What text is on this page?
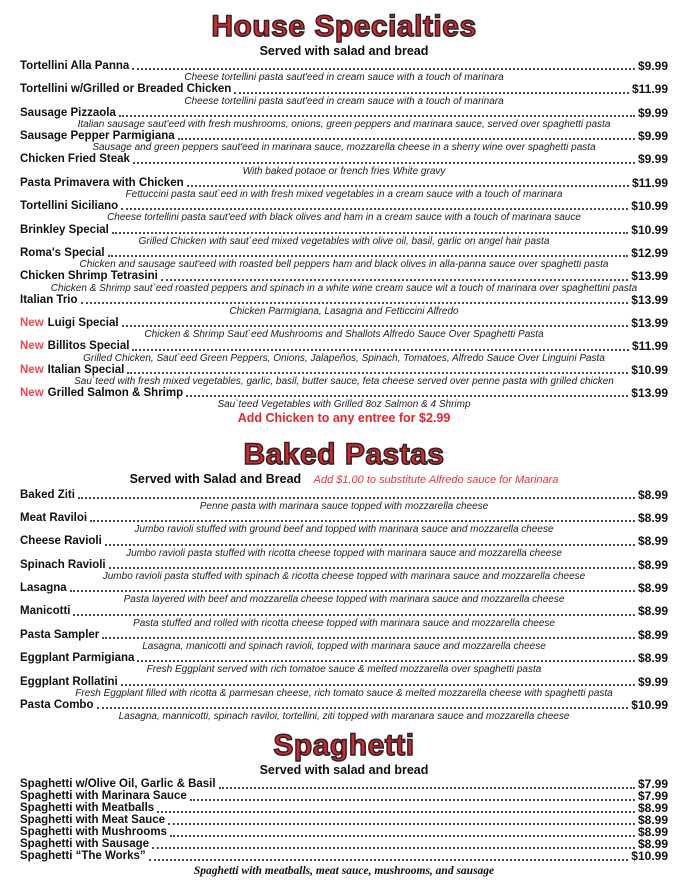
House Specialties
Served with salad and bread
Tortellini Alla Panna	$9.99
Cheese tortellini pasta saut'eed in cream sauce with a touch of marinara
Tortellini w/Grilled or Breaded Chicken	$11.99
Cheese tortellini pasta saut'eed in cream sauce with a touch of marinara
Sausage Pizzaola	$9.99
Italian sausage saut'eed with fresh mushrooms, onions, green peppers and marinara sauce, served over spaghetti pasta
Sausage Pepper Parmigiana	$9.99
Sausage and green peppers saut'eed in marinara sauce, mozzarella cheese in a sherry wine over spaghetti pasta
Chicken Fried Steak	$9.99
With baked potaoe or french fries White gravy
Pasta Primavera with Chicken	$11.99
Fettuccini pasta saut`eed in with fresh mixed vegetables in a cream sauce with a touch of marinara
Tortellini Siciliano	$10.99
Cheese tortellini pasta saut'eed with black olives and ham in a cream sauce with a touch of marinara sauce
Brinkley Special	$10.99
Grilled Chicken with saut`eed mixed vegetables with olive oil, basil, garlic on angel hair pasta
Roma's Special	$12.99
Chicken and sausage saut'eed with roasted bell peppers ham and black olives in alla-panna sauce over spaghetti pasta
Chicken Shrimp Tetrasini	$13.99
Chicken & Shrimp saut`eed roasted peppers and spinach in a white wine cream sauce wit a touch of marinara over spaghettini pasta
Italian Trio	$13.99
Chicken Parmigiana, Lasagna and Fetticcini Alfredo
New Luigi Special	$13.99
Chicken & Shrimp Saut`eed Mushrooms and Shallots Alfredo Sauce Over Spaghetti Pasta
New Billitos Special	$11.99
Grilled Chicken, Saut`eed Green Peppers, Onions, Jalapeños, Spinach, Tomatoes, Alfredo Sauce Over Linguini Pasta
New Italian Special	$10.99
Sau`teed with fresh mixed vegetables, garlic, basil, butter sauce, feta cheese served over penne pasta with grilled chicken
New Grilled Salmon & Shrimp	$13.99
Sau`teed Vegetables with Grilled 8oz Salmon & 4 Shrimp
Add Chicken to any entree for $2.99
Baked Pastas
Served with Salad and Bread Add $1.00 to substitute Alfredo sauce for Marinara
Baked Ziti	$8.99
Penne pasta with marinara sauce topped with mozzarella cheese
Meat Raviloi	$8.99
Jumbo ravioli stuffed with ground beef and topped with marinara sauce and mozzarella cheese
Cheese Ravioli	$8.99
Jumbo ravioli pasta stuffed with ricotta cheese topped with marinara sauce and mozzarella cheese
Spinach Ravioli	$8.99
Jumbo ravioli pasta stuffed with spinach & ricotta cheese topped with marinara sauce and mozzarella cheese
Lasagna	$8.99
Pasta layered with beef and mozzarella cheese topped with marinara sauce and mozzarella cheese
Manicotti	$8.99
Pasta stuffed and rolled with ricotta cheese topped with marinara sauce and mozzarella cheese
Pasta Sampler	$8.99
Lasagna, manicotti and spinach ravioli, topped with marinara sauce and mozzarella cheese
Eggplant Parmigiana	$8.99
Fresh Eggplant served with rich tomatoe sauce & melted mozzarella over spaghetti pasta
Eggplant Rollatini	$9.99
Fresh Eggplant filled with ricotta & parmesan cheese, rich tomato sauce & melted mozzarella cheese with spaghetti pasta
Pasta Combo	$10.99
Lasagna, mannicotti, spinach raviloi, tortellini, ziti topped with maranara sauce and mozzarella cheese
Spaghetti
Served with salad and bread
Spaghetti w/Olive Oil, Garlic & Basil	$7.99
Spaghetti with Marinara Sauce	$7.99
Spaghetti with Meatballs	$8.99
Spaghetti with Meat Sauce	$8.99
Spaghetti with Mushrooms	$8.99
Spaghetti with Sausage	$8.99
Spaghetti “The Works”	$10.99
Spaghetti with meatballs, meat sauce, mushrooms, and sausage
